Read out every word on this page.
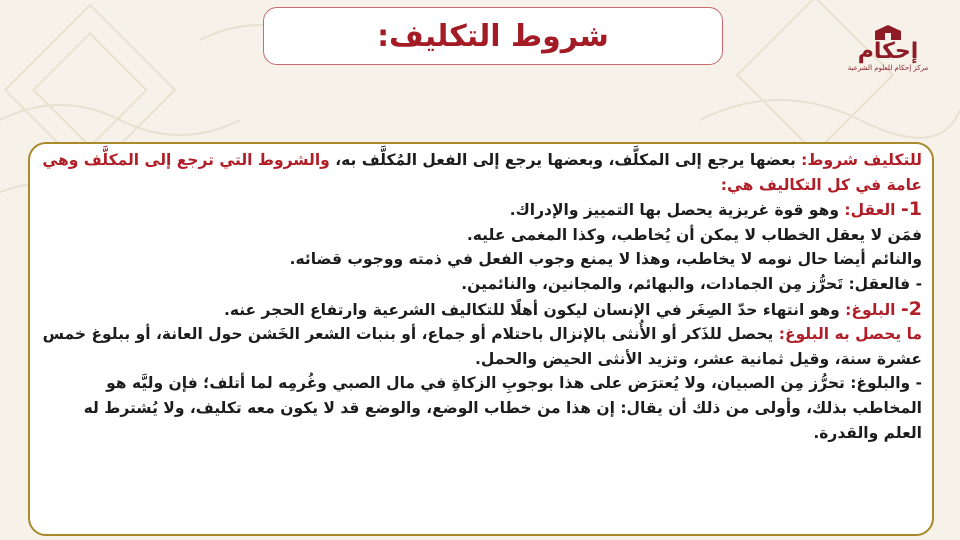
شروط التكليف:	إحكام
مركز إحكام للعلوم الشرعية

للتكليف شروط: بعضها يرجع إلى المكلَّف، وبعضها يرجع إلى الفعل المُكلَّف به، والشروط التي ترجع إلى المكلَّف وهي عامة في كل التكاليف هي:

1- العقل: وهو قوة غريزية يحصل بها التمييز والإدراك.

فمَن لا يعقل الخطاب لا يمكن أن يُخاطب، وكذا المغمى عليه.

والنائم أيضا حال نومه لا يخاطب، وهذا لا يمنع وجوب الفعل في ذمته ووجوب قضائه.

- فالعقل: تَحرُّز مِن الجمادات، والبهائم، والمجانين، والنائمين.

2- البلوغ: وهو انتهاء حدّ الصِغَر في الإنسان ليكون أهلًا للتكاليف الشرعية وارتفاع الحجر عنه.

ما يحصل به البلوغ: يحصل للذَكر أو الأُنثى بالإنزال باحتلام أو جماع، أو بنبات الشعر الخَشن حول العانة، أو ببلوغ خمس عشرة سنة، وقيل ثمانية عشر، وتزيد الأنثى الحيض والحمل.

- والبلوغ: تحرُّز مِن الصبيان، ولا يُعترَض على هذا بوجوبِ الزكاةِ في مال الصبي وغُرمِه لما أتلف؛ فإن وليَّه هو المخاطب بذلك، وأولى من ذلك أن يقال: إن هذا من خطاب الوضع، والوضع قد لا يكون معه تكليف، ولا يُشترط له العلم والقدرة.
